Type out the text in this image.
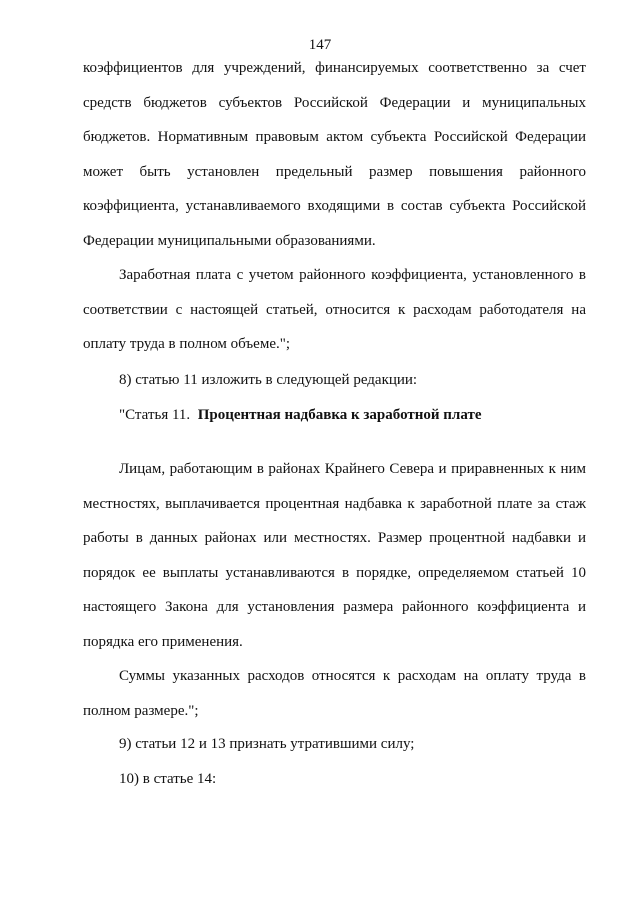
147

коэффициентов для учреждений, финансируемых соответственно за счет средств бюджетов субъектов Российской Федерации и муниципальных бюджетов. Нормативным правовым актом субъекта Российской Федерации может быть установлен предельный размер повышения районного коэффициента, устанавливаемого входящими в состав субъекта Российской Федерации муниципальными образованиями.

Заработная плата с учетом районного коэффициента, установленного в соответствии с настоящей статьей, относится к расходам работодателя на оплату труда в полном объеме.";

8) статью 11 изложить в следующей редакции:

"Статья 11. Процентная надбавка к заработной плате

Лицам, работающим в районах Крайнего Севера и приравненных к ним местностях, выплачивается процентная надбавка к заработной плате за стаж работы в данных районах или местностях. Размер процентной надбавки и порядок ее выплаты устанавливаются в порядке, определяемом статьей 10 настоящего Закона для установления размера районного коэффициента и порядка его применения.

Суммы указанных расходов относятся к расходам на оплату труда в полном размере.";

9) статьи 12 и 13 признать утратившими силу;

10) в статье 14:
